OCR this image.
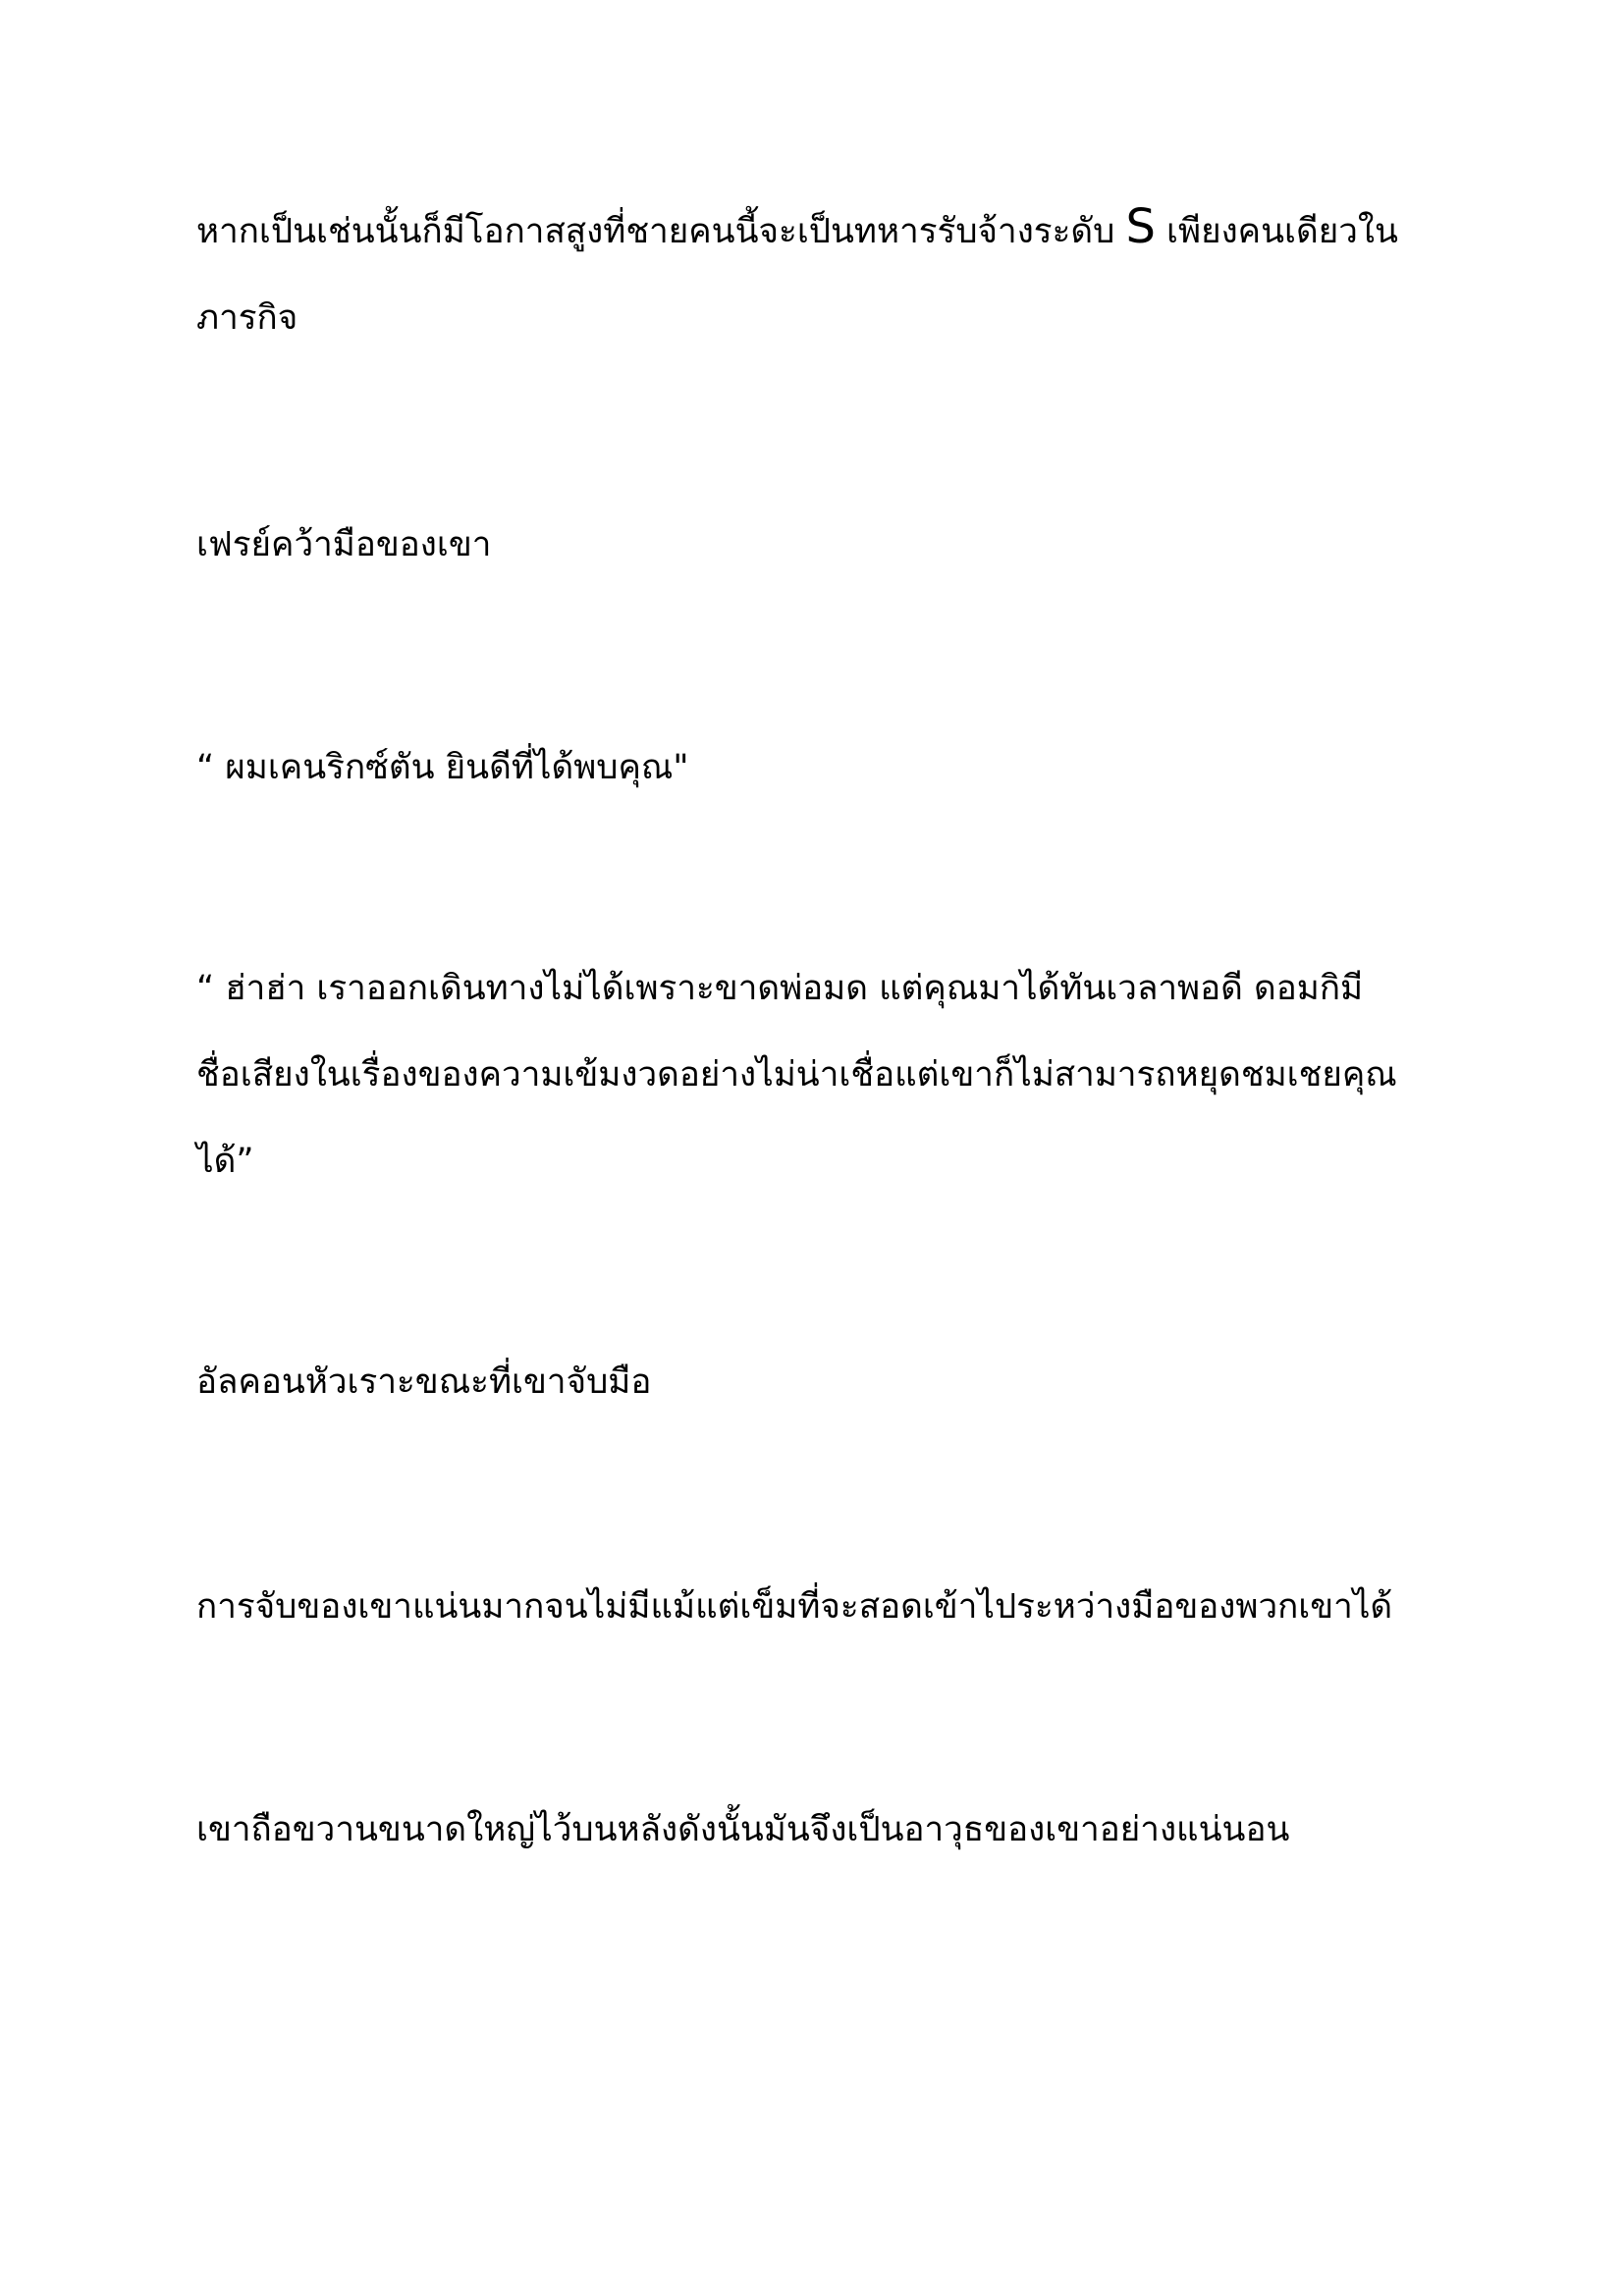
หากเป็นเช่นนั้นก็มีโอกาสสูงที่ชายคนนี้จะเป็นทหารรับจ้างระดับ S เพียงคนเดียวใน
ภารกิจ

เฟรย์คว้ามือของเขา

“ ผมเคนริกซ์ตัน ยินดีที่ได้พบคุณ"

“ ฮ่าฮ่า เราออกเดินทางไม่ได้เพราะขาดพ่อมด แต่คุณมาได้ทันเวลาพอดี ดอมกิมี
ชื่อเสียงในเรื่องของความเข้มงวดอย่างไม่น่าเชื่อแต่เขาก็ไม่สามารถหยุดชมเชยคุณ
ได้”

อัลคอนหัวเราะขณะที่เขาจับมือ

การจับของเขาแน่นมากจนไม่มีแม้แต่เข็มที่จะสอดเข้าไประหว่างมือของพวกเขาได้

เขาถือขวานขนาดใหญ่ไว้บนหลังดังนั้นมันจึงเป็นอาวุธของเขาอย่างแน่นอน
